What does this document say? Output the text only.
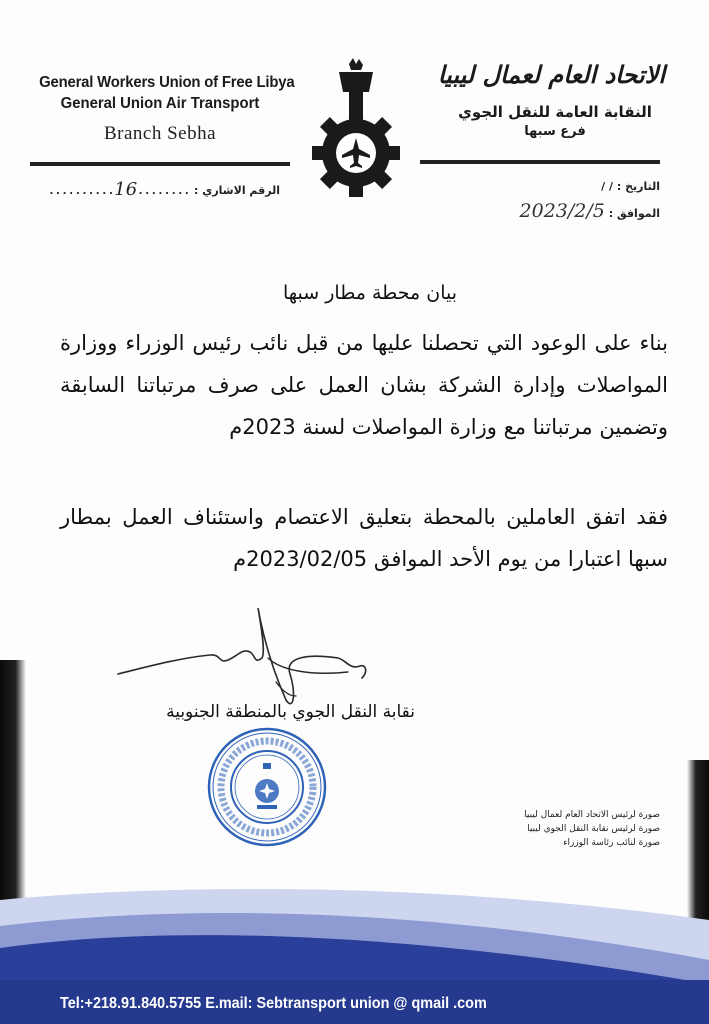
General Workers Union of Free Libya
General Union Air Transport
Branch Sebha
الاتحاد العام لعمال ليبيا
النقابة العامة للنقل الجوي
فرع سبها
الرقم الاشاري : ........16..........	التاريخ : / /
الموافق : 2023/2/5
بيان محطة مطار سبها
بناء على الوعود التي تحصلنا عليها من قبل نائب رئيس الوزراء ووزارة المواصلات وإدارة الشركة بشان العمل على صرف مرتباتنا السابقة وتضمين مرتباتنا مع وزارة المواصلات لسنة 2023م
فقد اتفق العاملين بالمحطة بتعليق الاعتصام واستئناف العمل بمطار سبها اعتبارا من يوم الأحد الموافق 2023/02/05م
نقابة النقل الجوي بالمنطقة الجنوبية
صورة لرئيس الاتحاد العام لعمال ليبيا
صورة لرئيس نقابة النقل الجوي ليبيا
صورة لنائب رئاسة الوزراء
Tel:+218.91.840.5755 E.mail: Sebtransport union @ qmail .com
